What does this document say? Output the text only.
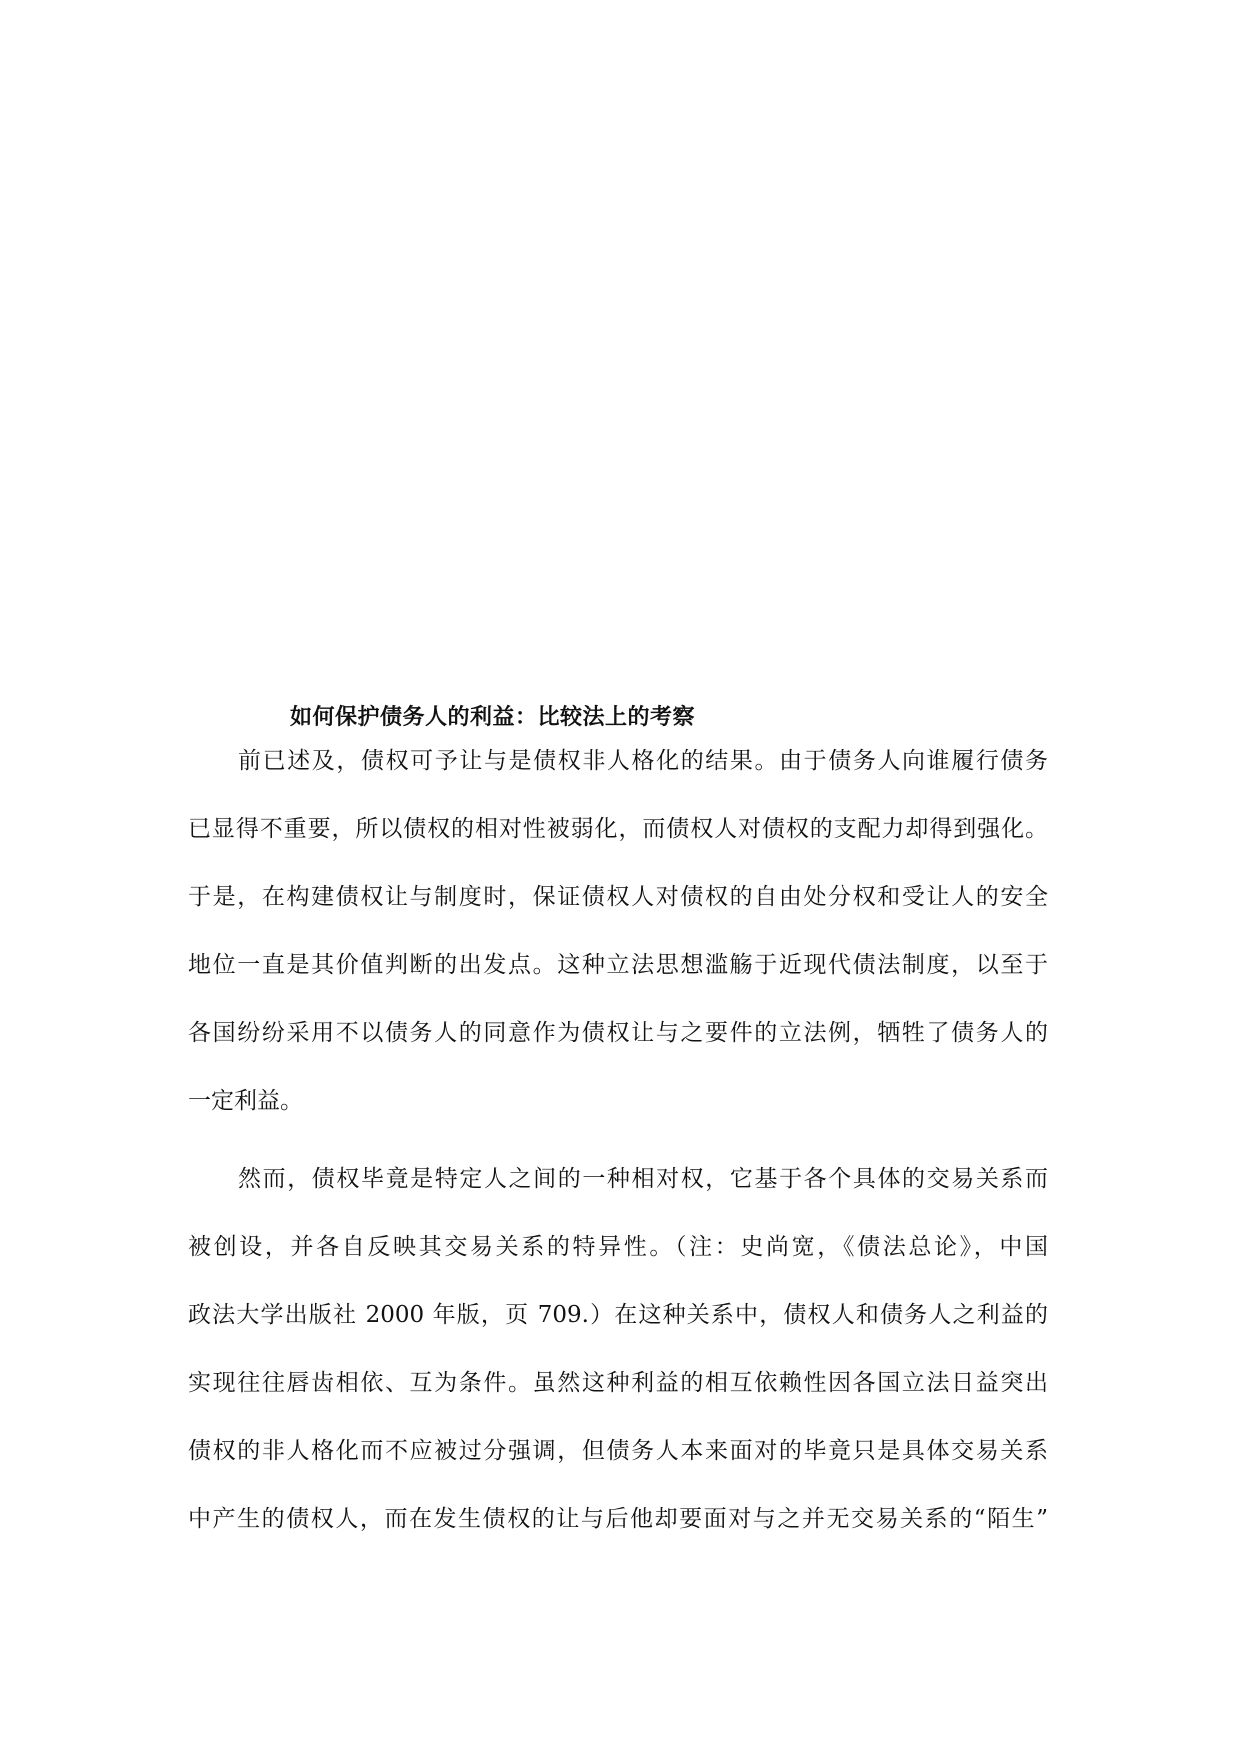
如何保护债务人的利益：比较法上的考察
前已述及，债权可予让与是债权非人格化的结果。由于债务人向谁履行债务
已显得不重要，所以债权的相对性被弱化，而债权人对债权的支配力却得到强化。
于是，在构建债权让与制度时，保证债权人对债权的自由处分权和受让人的安全
地位一直是其价值判断的出发点。这种立法思想滥觞于近现代债法制度，以至于
各国纷纷采用不以债务人的同意作为债权让与之要件的立法例，牺牲了债务人的
一定利益。
然而，债权毕竟是特定人之间的一种相对权，它基于各个具体的交易关系而
被创设，并各自反映其交易关系的特异性。（注：史尚宽，《债法总论》，中国
政法大学出版社 2000 年版，页 709.）在这种关系中，债权人和债务人之利益的
实现往往唇齿相依、互为条件。虽然这种利益的相互依赖性因各国立法日益突出
债权的非人格化而不应被过分强调，但债务人本来面对的毕竟只是具体交易关系
中产生的债权人，而在发生债权的让与后他却要面对与之并无交易关系的“陌生”
